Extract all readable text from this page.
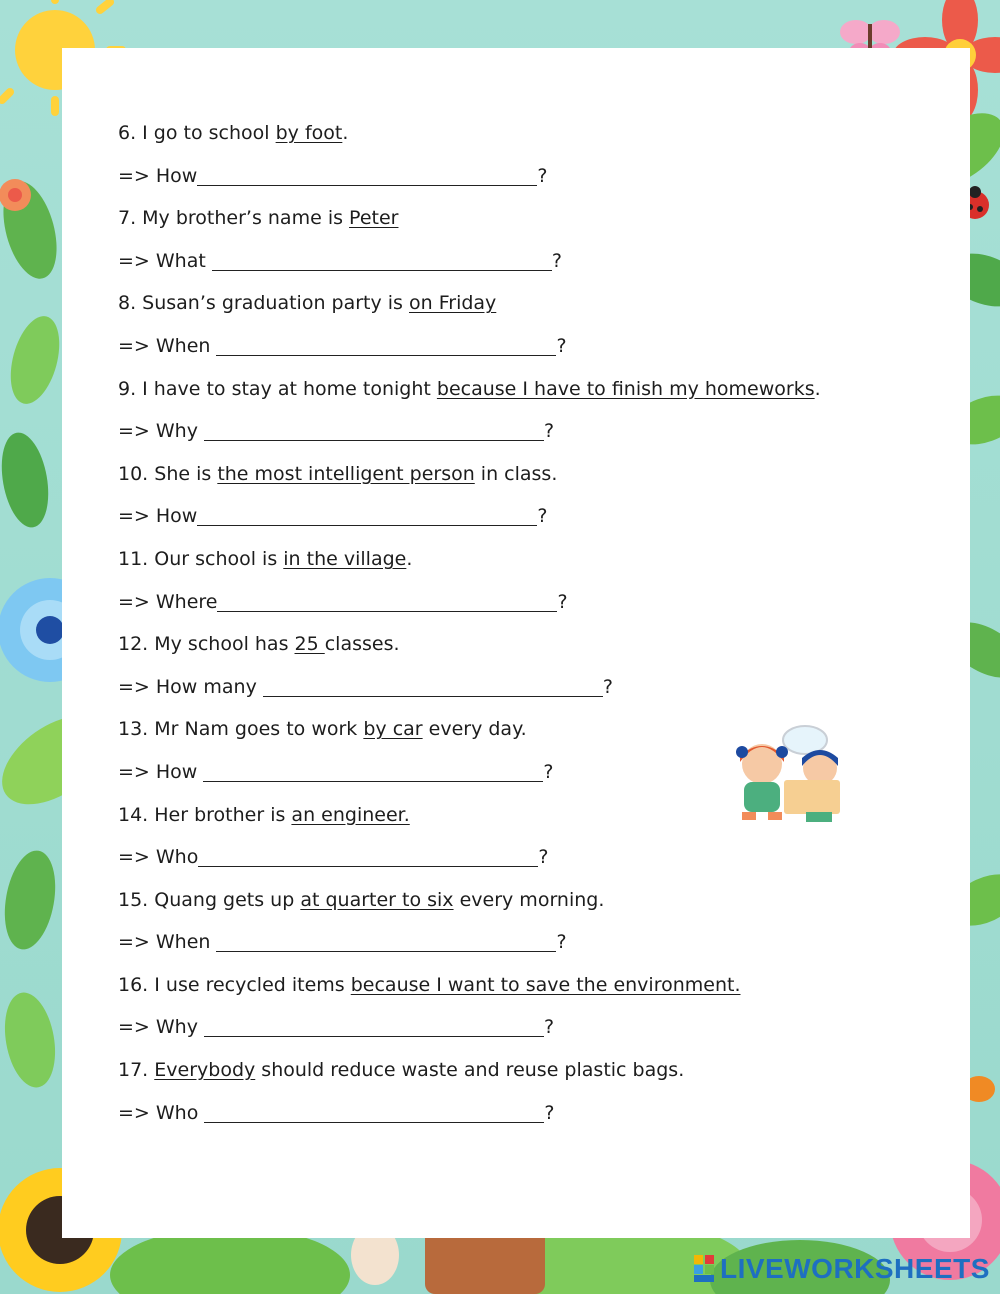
6. I go to school by foot.
=> How	?
7. My brother’s name is Peter
=> What	?
8. Susan’s graduation party is on Friday
=> When	?
9. I have to stay at home tonight because I have to finish my homeworks.
=> Why	?
10. She is the most intelligent person in class.
=> How	?
11. Our school is in the village.
=> Where	?
12. My school has 25 classes.
=> How many	?
13. Mr Nam goes to work by car every day.
=> How	?
14. Her brother is an engineer.
=> Who	?
15. Quang gets up at quarter to six every morning.
=> When	?
16. I use recycled items because I want to save the environment.
=> Why	?
17. Everybody should reduce waste and reuse plastic bags.
=> Who	?
LIVEWORKSHEETS
